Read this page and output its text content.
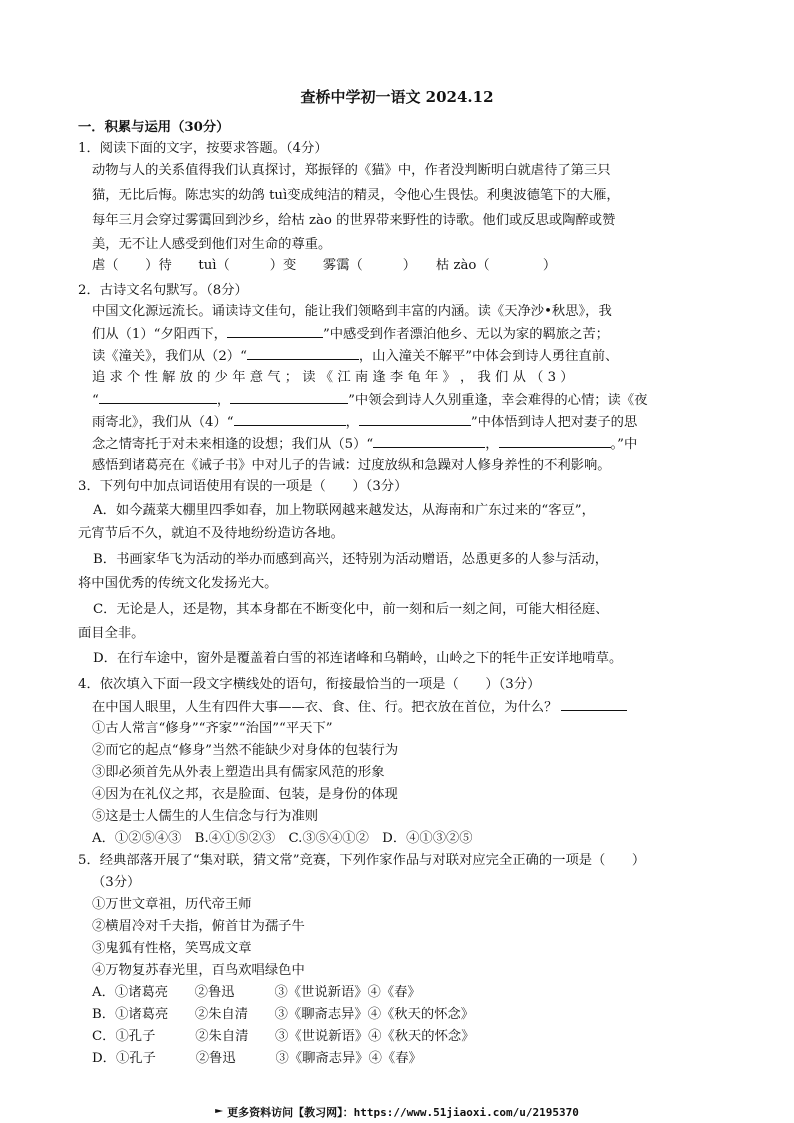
查桥中学初一语文 2024.12
一．积累与运用（30分）
1．阅读下面的文字，按要求答题。（4分）
动物与人的关系值得我们认真探讨，郑振铎的《猫》中，作者没判断明白就虐待了第三只
猫，无比后悔。陈忠实的幼鸽 tuì变成纯洁的精灵，令他心生畏怯。利奥波德笔下的大雁，
每年三月会穿过雾霭回到沙乡，给枯 zào 的世界带来野性的诗歌。他们或反思或陶醉或赞
美，无不让人感受到他们对生命的尊重。
虐（　　）待　　tuì（　　　）变　　雾霭（　　　）　　枯 zào（　　　　）
2．古诗文名句默写。（8分）
中国文化源远流长。诵读诗文佳句，能让我们领略到丰富的内涵。读《天净沙•秋思》，我
们从（1）“夕阳西下，	”中感受到作者漂泊他乡、无以为家的羁旅之苦；
读《潼关》，我们从（2）“	，山入潼关不解平”中体会到诗人勇往直前、
追 求 个 性 解 放 的 少 年 意 气 ； 读 《 江 南 逢 李 龟 年 》 ， 我 们 从 （ 3 ）
“	，	”中领会到诗人久别重逢，幸会难得的心情；读《夜
雨寄北》，我们从（4）“	，	”中体悟到诗人把对妻子的思
念之情寄托于对未来相逢的设想；我们从（5）“	，	。”中
感悟到诸葛亮在《诫子书》中对儿子的告诫：过度放纵和急躁对人修身养性的不利影响。
3．下列句中加点词语使用有误的一项是（　　）（3分）
A．如今蔬菜大棚里四季如春，加上物联网越来越发达，从海南和广东过来的“客豆”，
元宵节后不久，就迫不及待地纷纷造访各地。
B．书画家华飞为活动的举办而感到高兴，还特别为活动赠语，怂恿更多的人参与活动，
将中国优秀的传统文化发扬光大。
C．无论是人，还是物，其本身都在不断变化中，前一刻和后一刻之间，可能大相径庭、
面目全非。
D．在行车途中，窗外是覆盖着白雪的祁连诸峰和乌鞘岭，山岭之下的牦牛正安详地啃草。
4．依次填入下面一段文字横线处的语句，衔接最恰当的一项是（　　）（3分）
在中国人眼里，人生有四件大事——衣、食、住、行。把衣放在首位，为什么？
①古人常言“修身”“齐家”“治国”“平天下”
②而它的起点“修身”当然不能缺少对身体的包装行为
③即必须首先从外表上塑造出具有儒家风范的形象
④因为在礼仪之邦，衣是脸面、包装，是身份的体现
⑤这是士人儒生的人生信念与行为准则
A．①②⑤④③　B.④①⑤②③　C.③⑤④①②　D．④①③②⑤
5．经典部落开展了“集对联，猜文常”竞赛，下列作家作品与对联对应完全正确的一项是（　　）
（3分）
①万世文章祖，历代帝王师
②横眉冷对千夫指，俯首甘为孺子牛
③鬼狐有性格，笑骂成文章
④万物复苏春光里，百鸟欢唱绿色中
A．①诸葛亮　　②鲁迅　　　③《世说新语》④《春》
B．①诸葛亮　　②朱自清　　③《聊斋志异》④《秋天的怀念》
C．①孔子　　　②朱自清　　③《世说新语》④《秋天的怀念》
D．①孔子　　　②鲁迅　　　③《聊斋志异》④《春》
更多资料访问【教习网】：https://www.51jiaoxi.com/u/2195370
